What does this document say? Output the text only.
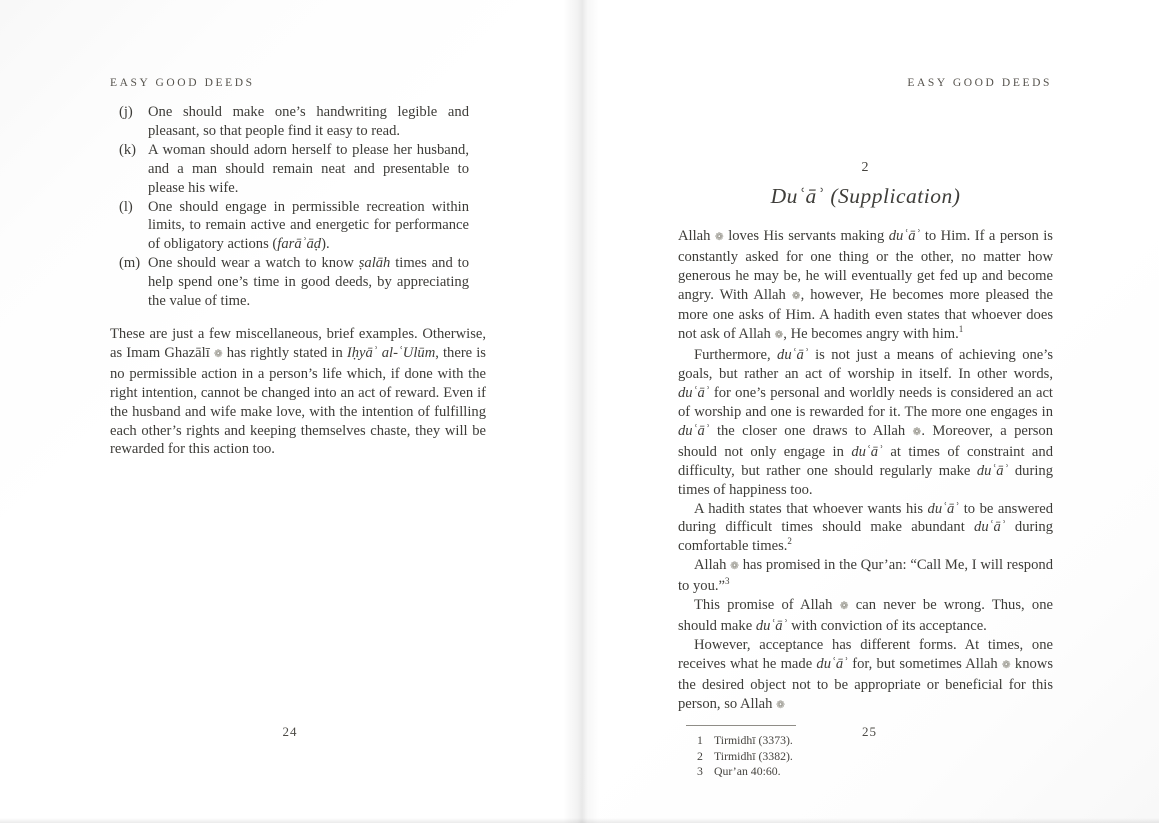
EASY GOOD DEEDS
(j) One should make one’s handwriting legible and pleasant, so that people find it easy to read.
(k) A woman should adorn herself to please her husband, and a man should remain neat and presentable to please his wife.
(l) One should engage in permissible recreation within limits, to remain active and energetic for performance of obligatory actions (farāʾāḍ).
(m) One should wear a watch to know ṣalāh times and to help spend one’s time in good deeds, by appreciating the value of time.

These are just a few miscellaneous, brief examples. Otherwise, as Imam Ghazālī ❁ has rightly stated in Iḥyāʾ al-ʿUlūm, there is no permissible action in a person’s life which, if done with the right intention, cannot be changed into an act of reward. Even if the husband and wife make love, with the intention of fulfilling each other’s rights and keeping themselves chaste, they will be rewarded for this action too.

24
EASY GOOD DEEDS
2
Duʿāʾ (Supplication)

Allah ❁ loves His servants making duʿāʾ to Him. If a person is constantly asked for one thing or the other, no matter how generous he may be, he will eventually get fed up and become angry. With Allah ❁, however, He becomes more pleased the more one asks of Him. A hadith even states that whoever does not ask of Allah ❁, He becomes angry with him.$^1$

Furthermore, duʿāʾ is not just a means of achieving one’s goals, but rather an act of worship in itself. In other words, duʿāʾ for one’s personal and worldly needs is considered an act of worship and one is rewarded for it. The more one engages in duʿāʾ the closer one draws to Allah ❁. Moreover, a person should not only engage in duʿāʾ at times of constraint and difficulty, but rather one should regularly make duʿāʾ during times of happiness too.

A hadith states that whoever wants his duʿāʾ to be answered during difficult times should make abundant duʿāʾ during comfortable times.$^2$

Allah ❁ has promised in the Qur’an: “Call Me, I will respond to you.”$^3$

This promise of Allah ❁ can never be wrong. Thus, one should make duʿāʾ with conviction of its acceptance.

However, acceptance has different forms. At times, one receives what he made duʿāʾ for, but sometimes Allah ❁ knows the desired object not to be appropriate or beneficial for this person, so Allah ❁

1 Tirmidhī (3373).
2 Tirmidhī (3382).
3 Qur’an 40:60.
25
